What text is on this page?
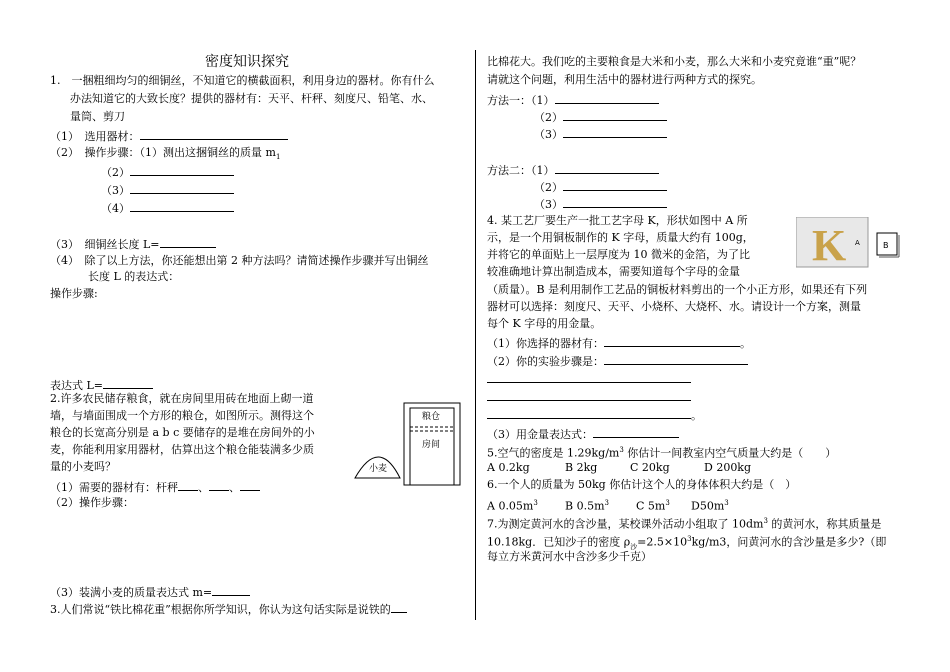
密度知识探究
1.　一捆粗细均匀的细铜丝，不知道它的横截面积，利用身边的器材。你有什么
办法知道它的大致长度？提供的器材有：天平、杆秤、刻度尺、铅笔、水、
量筒、剪刀
（1）　选用器材：
（2）　操作步骤：（1）测出这捆铜丝的质量 $m_1$
（2）
（3）
（4）
（3）　细铜丝长度 L=
（4）　除了以上方法，你还能想出第 2 种方法吗？请简述操作步骤并写出铜丝
长度 L 的表达式：
操作步骤:
表达式 L=
2.许多农民储存粮食，就在房间里用砖在地面上砌一道
墙，与墙面围成一个方形的粮仓，如图所示。测得这个
粮仓的长宽高分别是 a b c 要储存的是堆在房间外的小
麦，你能利用家用器材，估算出这个粮仓能装满多少质
量的小麦吗？
（1）需要的器材有：杆秤 、 、
（2）操作步骤：
（3）装满小麦的质量表达式 m=
3.人们常说“铁比棉花重”根据你所学知识，你认为这句话实际是说铁的
粮仓
房间
小麦
比棉花大。我们吃的主要粮食是大米和小麦，那么大米和小麦究竟谁“重”呢？
请就这个问题，利用生活中的器材进行两种方式的探究。
方法一：（1）
（2）
（3）
方法二：（1）
（2）
（3）
4. 某工艺厂要生产一批工艺字母 K，形状如图中 A 所
示，是一个用铜板制作的 K 字母，质量大约有 100g，
并将它的单面贴上一层厚度为 10 微米的金箔，为了比
较准确地计算出制造成本，需要知道每个字母的金量
（质量）。B 是利用制作工艺品的铜板材料剪出的一个小正方形，如果还有下列
器材可以选择：刻度尺、天平、小烧杯、大烧杯、水。请设计一个方案，测量
每个 K 字母的用金量。
（1）你选择的器材有：	。
（2）你的实验步骤是：
。
（3）用金量表达式：
5.空气的密度是 $1.29kg/m^3$ 你估计一间教室内空气质量大约是（　　）
A 0.2kg	B 2kg	C 20kg	D 200kg
6.一个人的质量为 50kg 你估计这个人的身体体积大约是（　）
A $0.05m^3$ B $0.5m^3$ C $5m^3$ $D50m^3$
7.为测定黄河水的含沙量，某校课外活动小组取了 $10dm^3$ 的黄河水，称其质量是
10.18kg．已知沙子的密度 $\rho_沙=2.5\times 10^3kg/m3$，问黄河水的含沙量是多少?（即
每立方米黄河水中含沙多少千克）
K A	B
